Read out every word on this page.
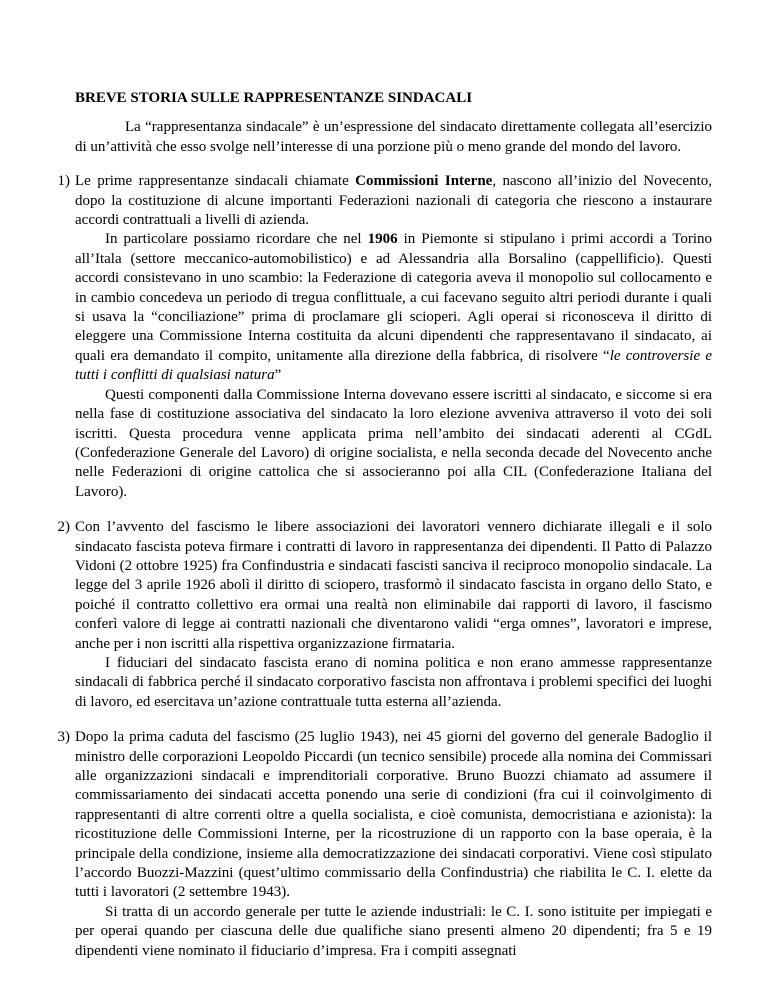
BREVE STORIA SULLE RAPPRESENTANZE SINDACALI

La “rappresentanza sindacale” è un’espressione del sindacato direttamente collegata all’esercizio di un’attività che esso svolge nell’interesse di una porzione più o meno grande del mondo del lavoro.

1) Le prime rappresentanze sindacali chiamate Commissioni Interne, nascono all’inizio del Novecento, dopo la costituzione di alcune importanti Federazioni nazionali di categoria che riescono a instaurare accordi contrattuali a livelli di azienda.

In particolare possiamo ricordare che nel 1906 in Piemonte si stipulano i primi accordi a Torino all’Itala (settore meccanico-automobilistico) e ad Alessandria alla Borsalino (cappellificio). Questi accordi consistevano in uno scambio: la Federazione di categoria aveva il monopolio sul collocamento e in cambio concedeva un periodo di tregua conflittuale, a cui facevano seguito altri periodi durante i quali si usava la “conciliazione” prima di proclamare gli scioperi. Agli operai si riconosceva il diritto di eleggere una Commissione Interna costituita da alcuni dipendenti che rappresentavano il sindacato, ai quali era demandato il compito, unitamente alla direzione della fabbrica, di risolvere “le controversie e tutti i conflitti di qualsiasi natura”

Questi componenti dalla Commissione Interna dovevano essere iscritti al sindacato, e siccome si era nella fase di costituzione associativa del sindacato la loro elezione avveniva attraverso il voto dei soli iscritti. Questa procedura venne applicata prima nell’ambito dei sindacati aderenti al CGdL (Confederazione Generale del Lavoro) di origine socialista, e nella seconda decade del Novecento anche nelle Federazioni di origine cattolica che si associeranno poi alla CIL (Confederazione Italiana del Lavoro).

2) Con l’avvento del fascismo le libere associazioni dei lavoratori vennero dichiarate illegali e il solo sindacato fascista poteva firmare i contratti di lavoro in rappresentanza dei dipendenti. Il Patto di Palazzo Vidoni (2 ottobre 1925) fra Confindustria e sindacati fascisti sanciva il reciproco monopolio sindacale. La legge del 3 aprile 1926 abolì il diritto di sciopero, trasformò il sindacato fascista in organo dello Stato, e poiché il contratto collettivo era ormai una realtà non eliminabile dai rapporti di lavoro, il fascismo conferì valore di legge ai contratti nazionali che diventarono validi “erga omnes”, lavoratori e imprese, anche per i non iscritti alla rispettiva organizzazione firmataria.

I fiduciari del sindacato fascista erano di nomina politica e non erano ammesse rappresentanze sindacali di fabbrica perché il sindacato corporativo fascista non affrontava i problemi specifici dei luoghi di lavoro, ed esercitava un’azione contrattuale tutta esterna all’azienda.

3) Dopo la prima caduta del fascismo (25 luglio 1943), nei 45 giorni del governo del generale Badoglio il ministro delle corporazioni Leopoldo Piccardi (un tecnico sensibile) procede alla nomina dei Commissari alle organizzazioni sindacali e imprenditoriali corporative. Bruno Buozzi chiamato ad assumere il commissariamento dei sindacati accetta ponendo una serie di condizioni (fra cui il coinvolgimento di rappresentanti di altre correnti oltre a quella socialista, e cioè comunista, democristiana e azionista): la ricostituzione delle Commissioni Interne, per la ricostruzione di un rapporto con la base operaia, è la principale della condizione, insieme alla democratizzazione dei sindacati corporativi. Viene così stipulato l’accordo Buozzi-Mazzini (quest’ultimo commissario della Confindustria) che riabilita le C. I. elette da tutti i lavoratori (2 settembre 1943).

Si tratta di un accordo generale per tutte le aziende industriali: le C. I. sono istituite per impiegati e per operai quando per ciascuna delle due qualifiche siano presenti almeno 20 dipendenti; fra 5 e 19 dipendenti viene nominato il fiduciario d’impresa. Fra i compiti assegnati
